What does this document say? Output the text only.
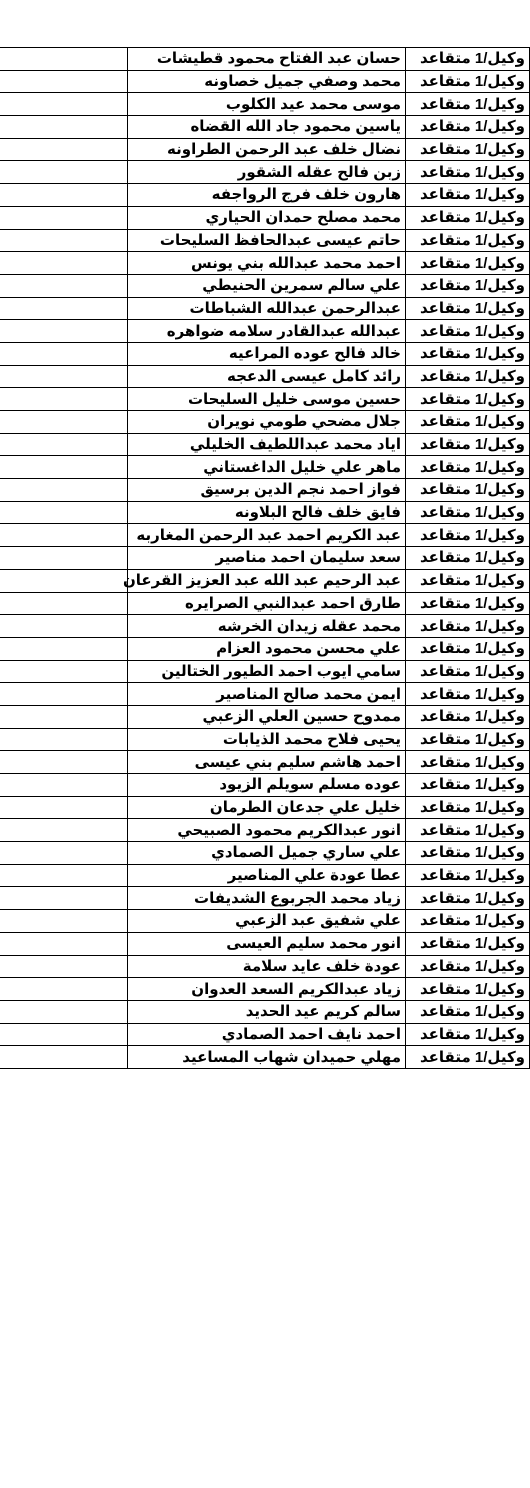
وكيل/1 متقاعد	حسان عبد الفتاح محمود قطيشات	
وكيل/1 متقاعد	محمد وصفي جميل خصاونه	
وكيل/1 متقاعد	موسى محمد عيد الكلوب	
وكيل/1 متقاعد	ياسين محمود جاد الله القضاه	
وكيل/1 متقاعد	نضال خلف عبد الرحمن الطراونه	
وكيل/1 متقاعد	زبن فالح عقله الشقور	
وكيل/1 متقاعد	هارون خلف فرج الرواجفه	
وكيل/1 متقاعد	محمد مصلح حمدان الحياري	
وكيل/1 متقاعد	حاتم عيسى عبدالحافظ السليحات	
وكيل/1 متقاعد	احمد محمد عبدالله بني يونس	
وكيل/1 متقاعد	علي سالم سمرين الحنيطي	
وكيل/1 متقاعد	عبدالرحمن عبدالله الشباطات	
وكيل/1 متقاعد	عبدالله عبدالقادر سلامه ضواهره	
وكيل/1 متقاعد	خالد فالح عوده المراعيه	
وكيل/1 متقاعد	رائد كامل عيسى الدعجه	
وكيل/1 متقاعد	حسين موسى خليل السليحات	
وكيل/1 متقاعد	جلال مضحي طومي نويران	
وكيل/1 متقاعد	اياد محمد عبداللطيف الخليلي	
وكيل/1 متقاعد	ماهر علي خليل الداغستاني	
وكيل/1 متقاعد	فواز احمد نجم الدين برسيق	
وكيل/1 متقاعد	فايق خلف فالح البلاونه	
وكيل/1 متقاعد	عبد الكريم احمد عبد الرحمن المغاربه	
وكيل/1 متقاعد	سعد سليمان احمد مناصير	
وكيل/1 متقاعد	عبد الرحيم عبد الله عبد العزيز القرعان	
وكيل/1 متقاعد	طارق احمد عبدالنبي الصرايره	
وكيل/1 متقاعد	محمد عقله زيدان الخرشه	
وكيل/1 متقاعد	علي محسن محمود العزام	
وكيل/1 متقاعد	سامي ايوب احمد الطيور الختالين	
وكيل/1 متقاعد	ايمن محمد صالح المناصير	
وكيل/1 متقاعد	ممدوح حسين العلي الزعبي	
وكيل/1 متقاعد	يحيى فلاح محمد الذيابات	
وكيل/1 متقاعد	احمد هاشم سليم بني عيسى	
وكيل/1 متقاعد	عوده مسلم سويلم الزيود	
وكيل/1 متقاعد	خليل علي جدعان الطرمان	
وكيل/1 متقاعد	انور عبدالكريم محمود الصبيحي	
وكيل/1 متقاعد	علي ساري جميل الصمادي	
وكيل/1 متقاعد	عطا عودة علي المناصير	
وكيل/1 متقاعد	زياد محمد الجربوع الشديفات	
وكيل/1 متقاعد	علي شفيق عبد الزعبي	
وكيل/1 متقاعد	انور محمد سليم العيسى	
وكيل/1 متقاعد	عودة خلف عايد سلامة	
وكيل/1 متقاعد	زياد عبدالكريم السعد العدوان	
وكيل/1 متقاعد	سالم كريم عيد الحديد	
وكيل/1 متقاعد	احمد نايف احمد الصمادي	
وكيل/1 متقاعد	مهلي حميدان شهاب المساعيد	
